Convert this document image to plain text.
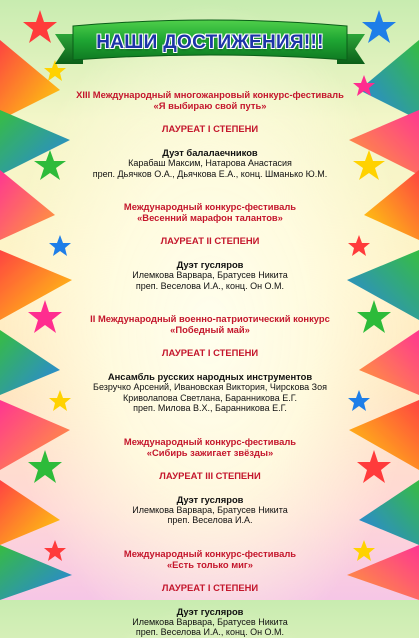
НАШИ ДОСТИЖЕНИЯ!!!
XIII Международный многожанровый конкурс-фестиваль
«Я выбираю свой путь»
ЛАУРЕАТ I СТЕПЕНИ
Дуэт балалаечников
Карабаш Максим, Натарова Анастасия
преп. Дьячков О.А., Дьячкова Е.А., конц. Шманько Ю.М.
Международный конкурс-фестиваль
«Весенний марафон талантов»
ЛАУРЕАТ II СТЕПЕНИ
Дуэт гусляров
Илемкова Варвара, Братусев Никита
преп. Веселова И.А., конц. Он О.М.
II Международный военно-патриотический конкурс
«Победный май»
ЛАУРЕАТ I СТЕПЕНИ
Ансамбль русских народных инструментов
Безручко Арсений, Ивановская Виктория, Чирскова Зоя
Криволапова Светлана, Баранникова Е.Г.
преп. Милова В.Х., Баранникова Е.Г.
Международный конкурс-фестиваль
«Сибирь зажигает звёзды»
ЛАУРЕАТ III СТЕПЕНИ
Дуэт гусляров
Илемкова Варвара, Братусев Никита
преп. Веселова И.А.
Международный конкурс-фестиваль
«Есть только миг»
ЛАУРЕАТ I СТЕПЕНИ
Дуэт гусляров
Илемкова Варвара, Братусев Никита
преп. Веселова И.А., конц. Он О.М.
